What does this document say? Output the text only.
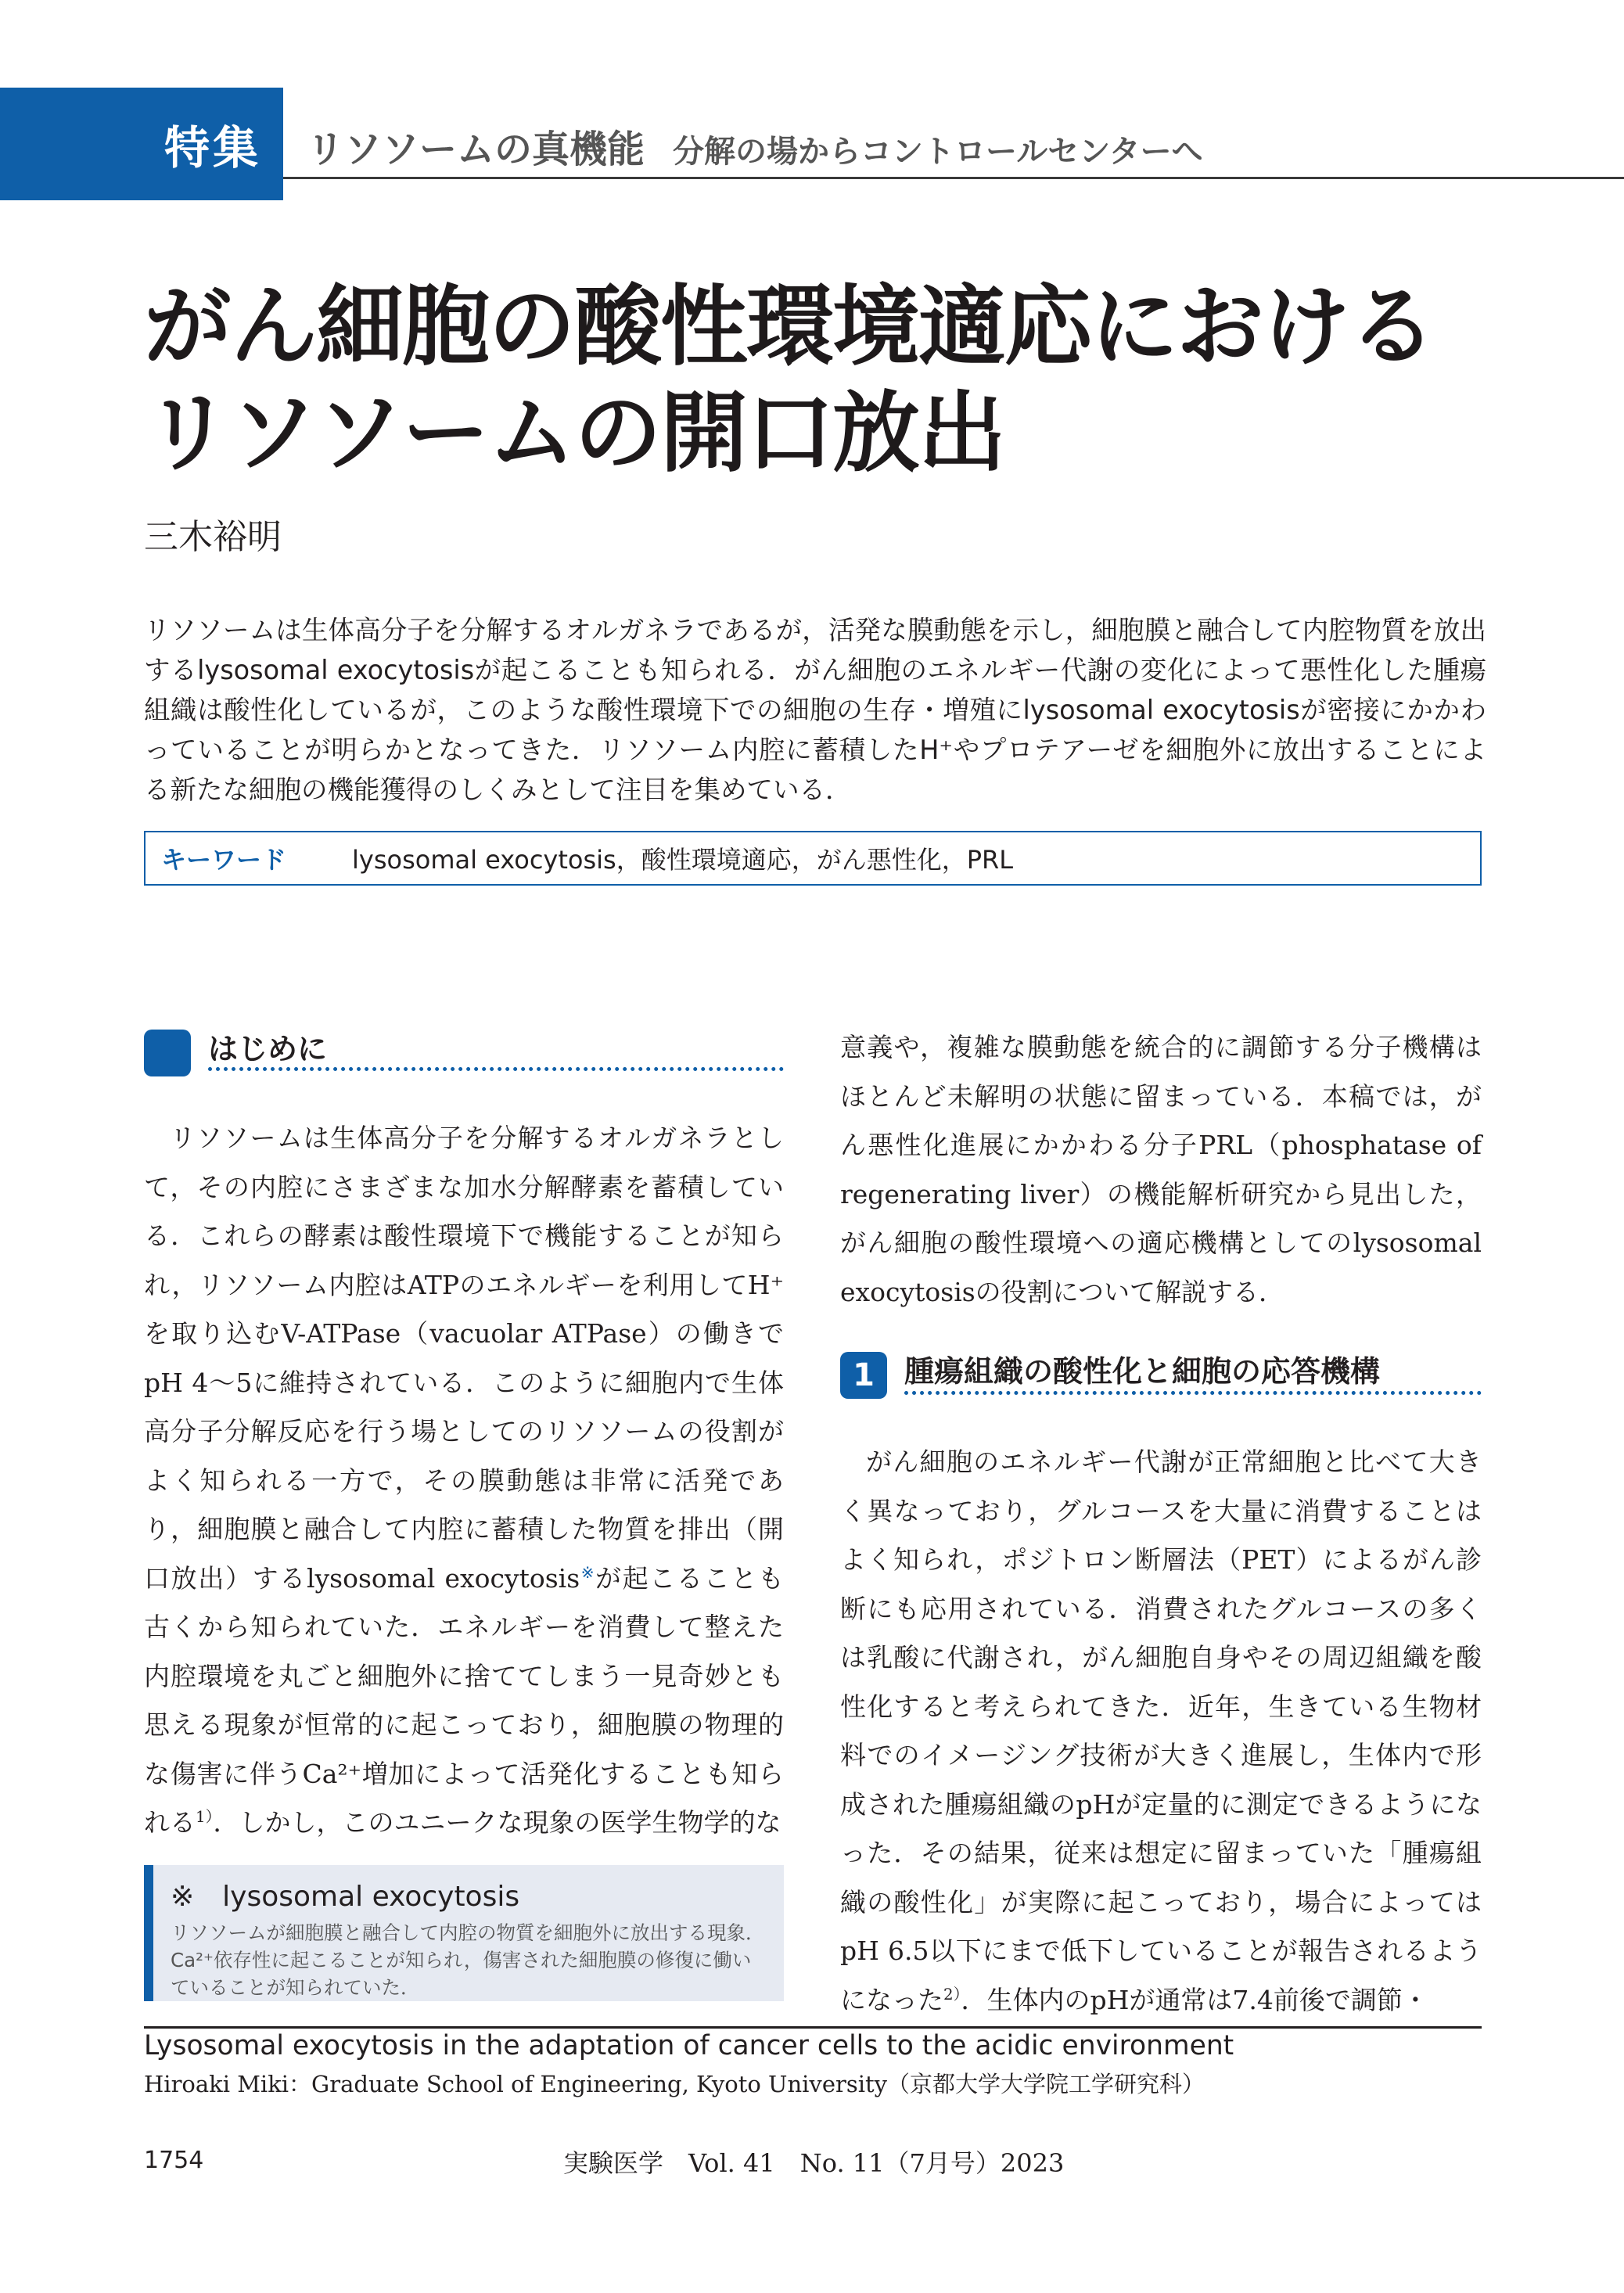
特集	リソソームの真機能 分解の場からコントロールセンターへ
がん細胞の酸性環境適応における
リソソームの開口放出
三木裕明
リソソームは生体高分子を分解するオルガネラであるが，活発な膜動態を示し，細胞膜と融合して内腔物質を放出するlysosomal exocytosisが起こることも知られる．がん細胞のエネルギー代謝の変化によって悪性化した腫瘍組織は酸性化しているが，このような酸性環境下での細胞の生存・増殖にlysosomal exocytosisが密接にかかわっていることが明らかとなってきた．リソソーム内腔に蓄積したH⁺やプロテアーゼを細胞外に放出することによる新たな細胞の機能獲得のしくみとして注目を集めている．
キーワード	lysosomal exocytosis，酸性環境適応，がん悪性化，PRL
はじめに
リソソームは生体高分子を分解するオルガネラとして，その内腔にさまざまな加水分解酵素を蓄積している．これらの酵素は酸性環境下で機能することが知られ，リソソーム内腔はATPのエネルギーを利用してH⁺を取り込むV-ATPase（vacuolar ATPase）の働きでpH 4〜5に維持されている．このように細胞内で生体高分子分解反応を行う場としてのリソソームの役割がよく知られる一方で，その膜動態は非常に活発であり，細胞膜と融合して内腔に蓄積した物質を排出（開口放出）するlysosomal exocytosis※が起こることも古くから知られていた．エネルギーを消費して整えた内腔環境を丸ごと細胞外に捨ててしまう一見奇妙とも思える現象が恒常的に起こっており，細胞膜の物理的な傷害に伴うCa²⁺増加によって活発化することも知られる$^{1)}$．しかし，このユニークな現象の医学生物学的な
※　lysosomal exocytosis
リソソームが細胞膜と融合して内腔の物質を細胞外に放出する現象．Ca²⁺依存性に起こることが知られ，傷害された細胞膜の修復に働いていることが知られていた．
意義や，複雑な膜動態を統合的に調節する分子機構はほとんど未解明の状態に留まっている．本稿では，がん悪性化進展にかかわる分子PRL（phosphatase of regenerating liver）の機能解析研究から見出した，がん細胞の酸性環境への適応機構としてのlysosomal exocytosisの役割について解説する．
1	腫瘍組織の酸性化と細胞の応答機構
がん細胞のエネルギー代謝が正常細胞と比べて大きく異なっており，グルコースを大量に消費することはよく知られ，ポジトロン断層法（PET）によるがん診断にも応用されている．消費されたグルコースの多くは乳酸に代謝され，がん細胞自身やその周辺組織を酸性化すると考えられてきた．近年，生きている生物材料でのイメージング技術が大きく進展し，生体内で形成された腫瘍組織のpHが定量的に測定できるようになった．その結果，従来は想定に留まっていた「腫瘍組織の酸性化」が実際に起こっており，場合によってはpH 6.5以下にまで低下していることが報告されるようになった$^{2)}$．生体内のpHが通常は7.4前後で調節・
Lysosomal exocytosis in the adaptation of cancer cells to the acidic environment
Hiroaki Miki：Graduate School of Engineering, Kyoto University（京都大学大学院工学研究科）
1754	実験医学　Vol. 41　No. 11（7月号）2023
